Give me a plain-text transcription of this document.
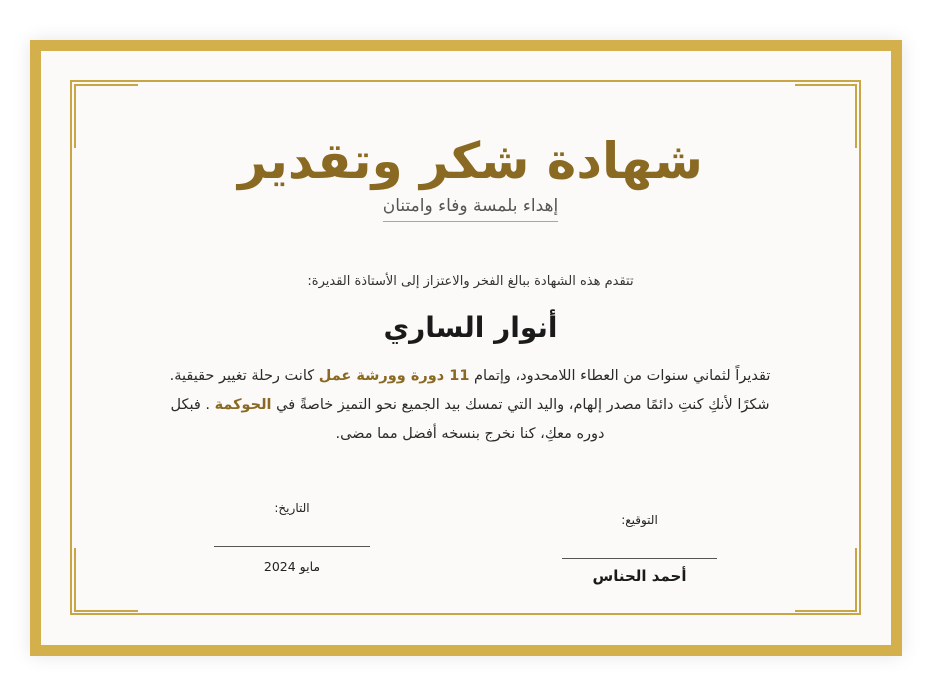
شهادة شكر وتقدير
إهداء بلمسة وفاء وامتنان
تتقدم هذه الشهادة ببالغ الفخر والاعتزاز إلى الأستاذة القديرة:
أنوار الساري
تقديراً لثماني سنوات من العطاء اللامحدود، وإتمام 11 دورة وورشة عمل كانت رحلة تغيير حقيقية. شكرًا لأنكِ كنتِ دائمًا مصدر إلهام، واليد التي تمسك بيد الجميع نحو التميز خاصةً في الحوكمة . فبكل دوره معكِ، كنا نخرج بنسخه أفضل مما مضى.
التوقيع:
أحمد الحناس
التاريخ:
مايو 2024
